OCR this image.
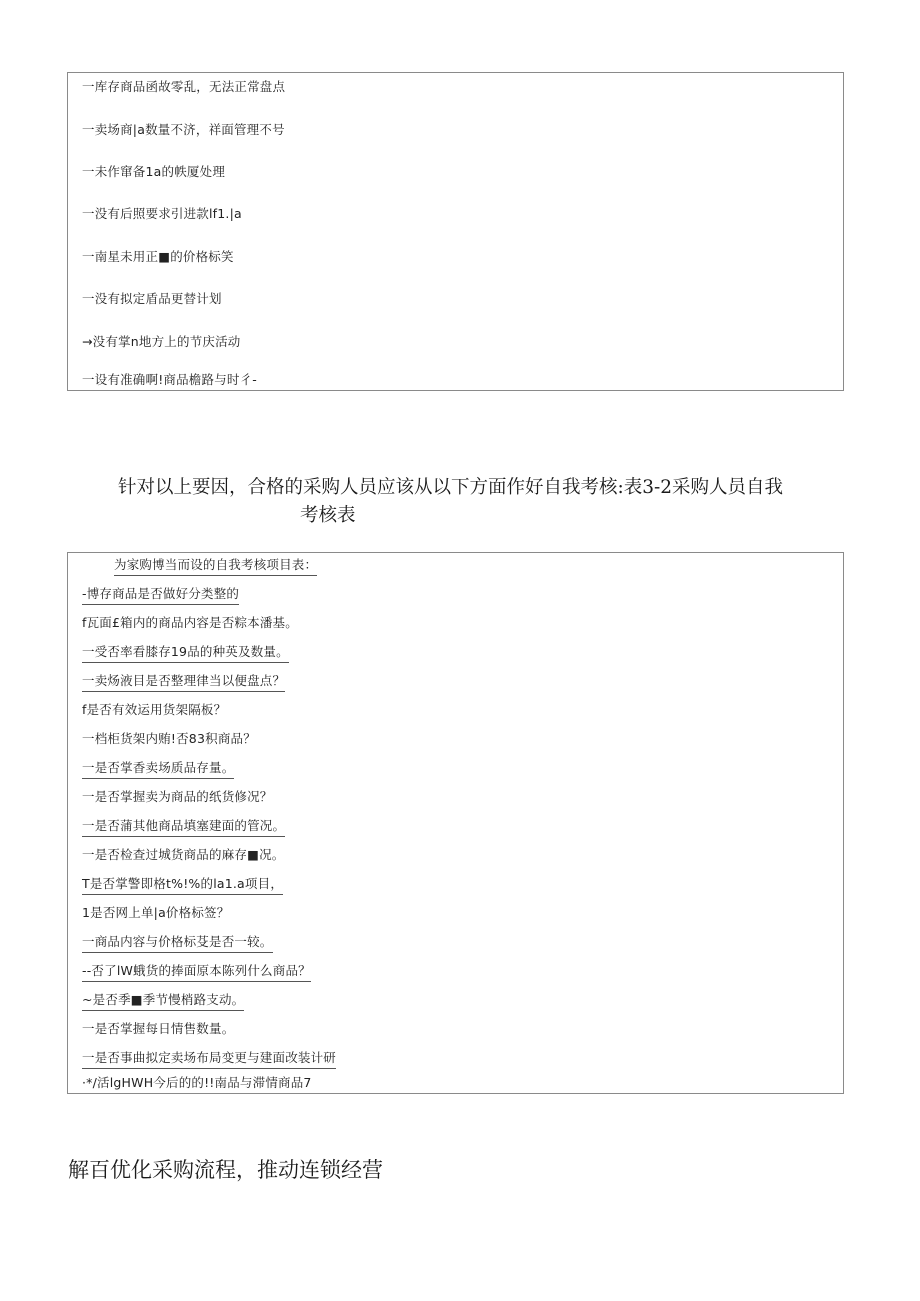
一库存商品函故零乱，无法正常盘点
一卖场商|a数量不济，祥面管理不号
一未作窜备1a的帙厦处理
一没有后照要求引进款lf1.|a
一南星未用正■的价格标笑
一没有拟定盾品更替计划
→没有掌n地方上的节庆活动
一设有准确啊!商品檐路与时彳-
针对以上要因，合格的采购人员应该从以下方面作好自我考核:表3-2采购人员自我
考核表
为家购博当而设的自我考核项目表：
-博存商品是否做好分类整的
f瓦面£箱内的商品内容是否粽本潘基。
一受否率看膝存19品的种英及数量。
一卖炀液目是否整理律当以便盘点？
f是否有效运用货架隔板？
一档柜货架内贿!否83积商品？
一是否掌香卖场质品存量。
一是否掌握卖为商品的纸货修况？
一是否蒲其他商品填塞建面的管况。
一是否检查过城货商品的麻存■况。
T是否掌警即格t%!%的la1.a项目，
1是否网上单|a价格标签？
一商品内容与价格标芟是否一较。
--否了lW蛾货的捧面原本陈列什么商品？
~是否季■季节慢梢路支动。
一是否掌握每日情售数量。
一是否事曲拟定卖场布局变更与建面改装计研
·*/活lgHWH今后的的!!南品与滞情商品7
解百优化采购流程，推动连锁经营
